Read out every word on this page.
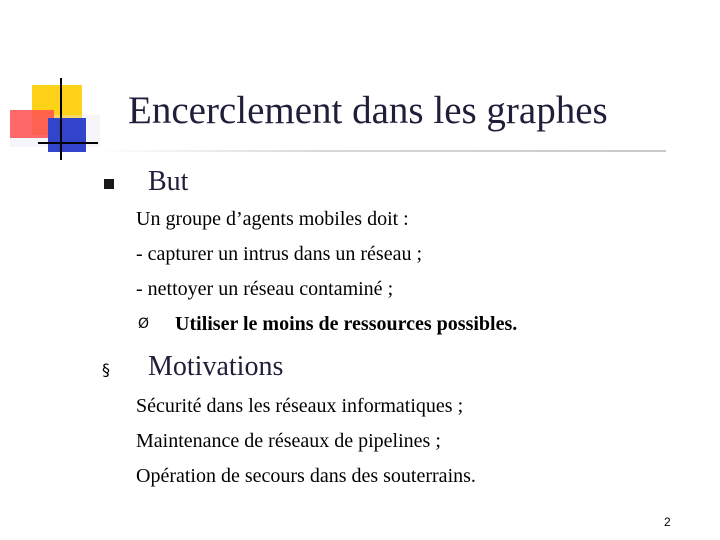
Encerclement dans les graphes
But
Un groupe d’agents mobiles doit :
- capturer un intrus dans un réseau ;
- nettoyer un réseau contaminé ;
Ø Utiliser le moins de ressources possibles.
§ Motivations
Sécurité dans les réseaux informatiques ;
Maintenance de réseaux de pipelines ;
Opération de secours dans des souterrains.
2
